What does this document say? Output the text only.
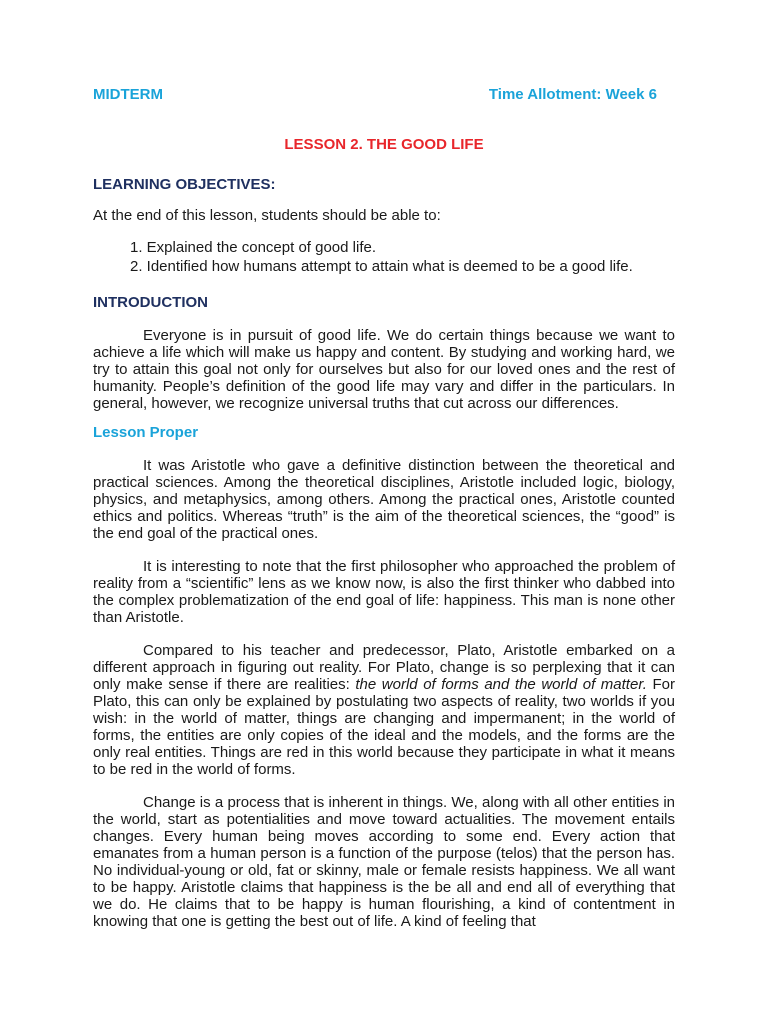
MIDTERM	Time Allotment: Week 6
LESSON 2. THE GOOD LIFE
LEARNING OBJECTIVES:

At the end of this lesson, students should be able to:

1. Explained the concept of good life.
2. Identified how humans attempt to attain what is deemed to be a good life.
INTRODUCTION

Everyone is in pursuit of good life. We do certain things because we want to achieve a life which will make us happy and content. By studying and working hard, we try to attain this goal not only for ourselves but also for our loved ones and the rest of humanity. People’s definition of the good life may vary and differ in the particulars. In general, however, we recognize universal truths that cut across our differences.

Lesson Proper

It was Aristotle who gave a definitive distinction between the theoretical and practical sciences. Among the theoretical disciplines, Aristotle included logic, biology, physics, and metaphysics, among others. Among the practical ones, Aristotle counted ethics and politics. Whereas “truth” is the aim of the theoretical sciences, the “good” is the end goal of the practical ones.

It is interesting to note that the first philosopher who approached the problem of reality from a “scientific” lens as we know now, is also the first thinker who dabbed into the complex problematization of the end goal of life: happiness. This man is none other than Aristotle.

Compared to his teacher and predecessor, Plato, Aristotle embarked on a different approach in figuring out reality. For Plato, change is so perplexing that it can only make sense if there are realities: the world of forms and the world of matter. For Plato, this can only be explained by postulating two aspects of reality, two worlds if you wish: in the world of matter, things are changing and impermanent; in the world of forms, the entities are only copies of the ideal and the models, and the forms are the only real entities. Things are red in this world because they participate in what it means to be red in the world of forms.

Change is a process that is inherent in things. We, along with all other entities in the world, start as potentialities and move toward actualities. The movement entails changes. Every human being moves according to some end. Every action that emanates from a human person is a function of the purpose (telos) that the person has. No individual-young or old, fat or skinny, male or female resists happiness. We all want to be happy. Aristotle claims that happiness is the be all and end all of everything that we do. He claims that to be happy is human flourishing, a kind of contentment in knowing that one is getting the best out of life. A kind of feeling that
